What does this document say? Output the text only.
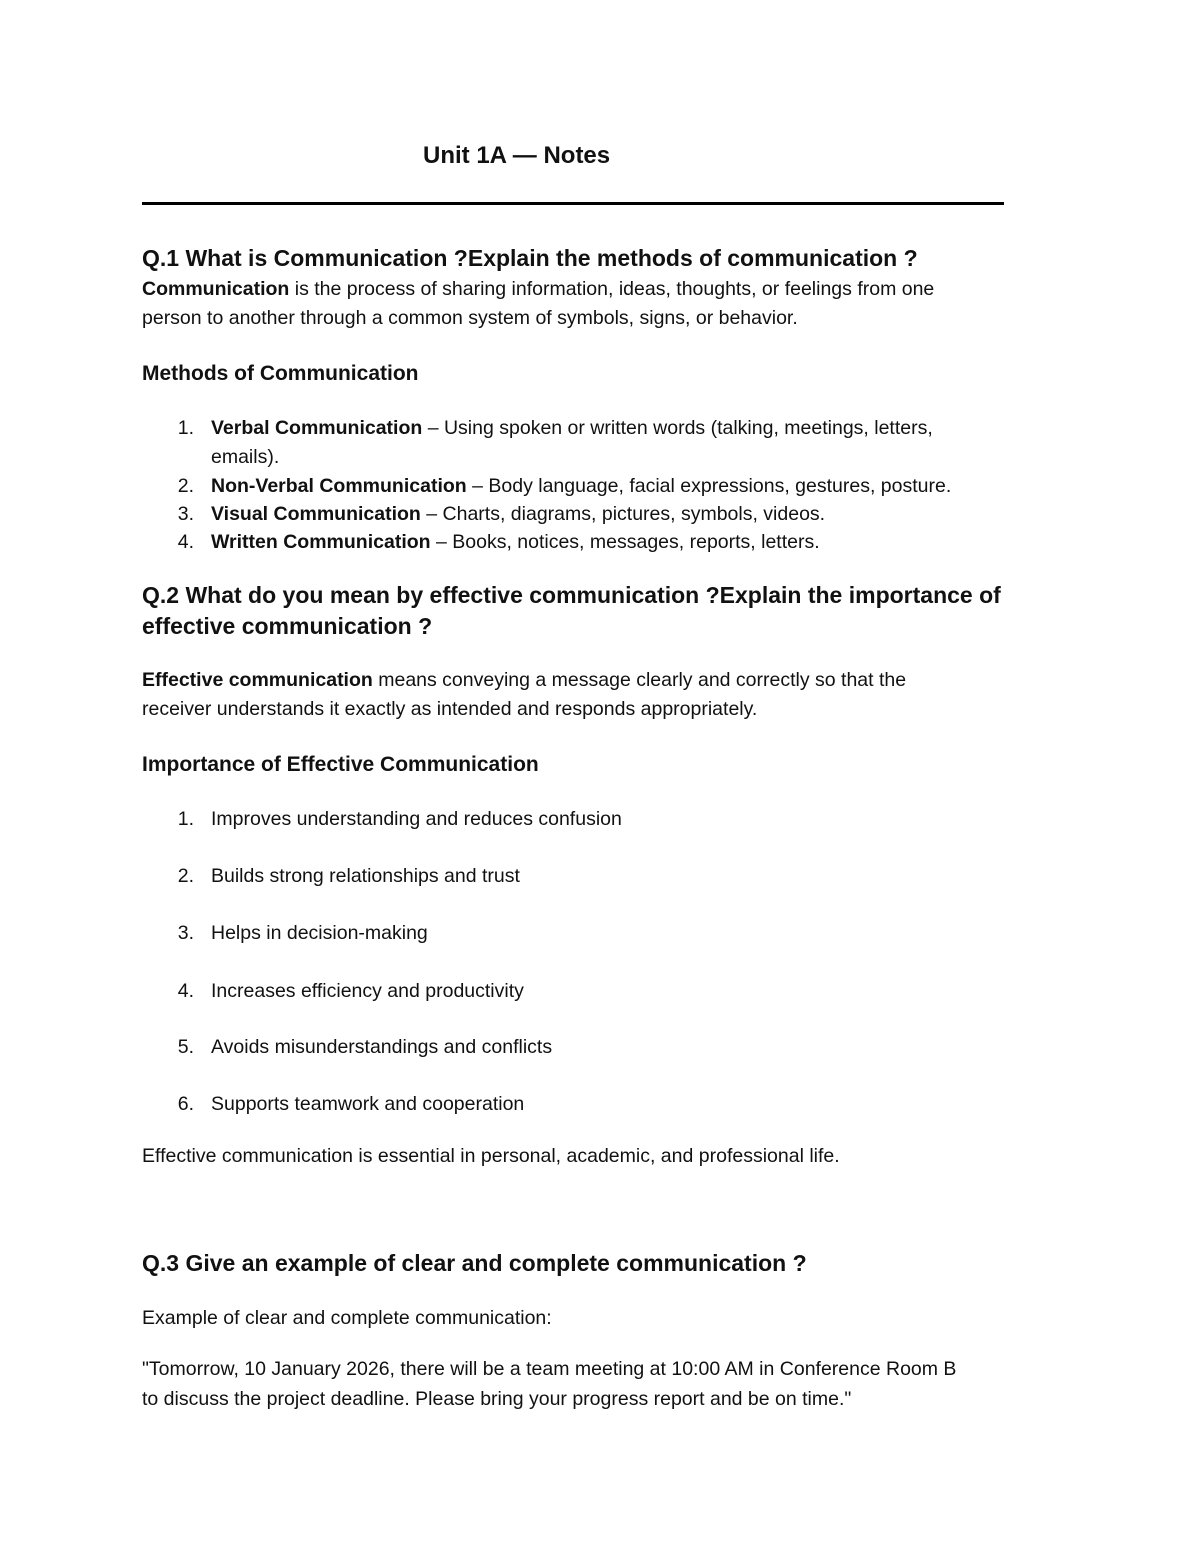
Unit 1A — Notes
Q.1 What is Communication ?Explain the methods of communication ?
Communication is the process of sharing information, ideas, thoughts, or feelings from one
person to another through a common system of symbols, signs, or behavior.
Methods of Communication
1. Verbal Communication – Using spoken or written words (talking, meetings, letters,
emails).
2. Non-Verbal Communication – Body language, facial expressions, gestures, posture.
3. Visual Communication – Charts, diagrams, pictures, symbols, videos.
4. Written Communication – Books, notices, messages, reports, letters.
Q.2 What do you mean by effective communication ?Explain the importance of
effective communication ?
Effective communication means conveying a message clearly and correctly so that the
receiver understands it exactly as intended and responds appropriately.
Importance of Effective Communication
1. Improves understanding and reduces confusion
2. Builds strong relationships and trust
3. Helps in decision-making
4. Increases efficiency and productivity
5. Avoids misunderstandings and conflicts
6. Supports teamwork and cooperation
Effective communication is essential in personal, academic, and professional life.
Q.3 Give an example of clear and complete communication ?
Example of clear and complete communication:
"Tomorrow, 10 January 2026, there will be a team meeting at 10:00 AM in Conference Room B
to discuss the project deadline. Please bring your progress report and be on time."
